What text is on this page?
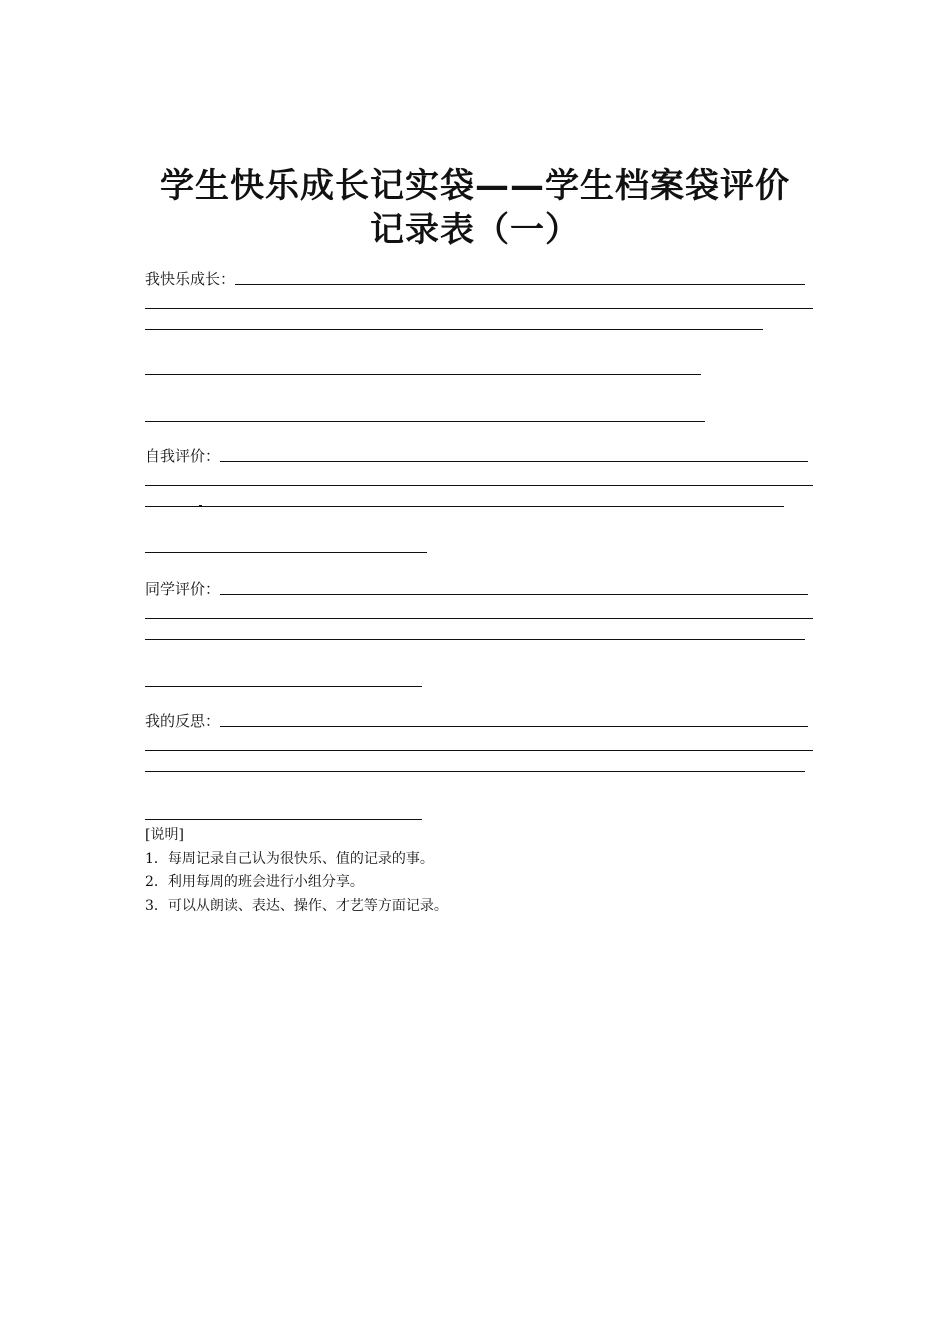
学生快乐成长记实袋——学生档案袋评价
记录表（一）
我快乐成长：
自我评价：
同学评价：
我的反思：
[说明]
1．每周记录自己认为很快乐、值的记录的事。
2．利用每周的班会进行小组分享。
3．可以从朗读、表达、操作、才艺等方面记录。
